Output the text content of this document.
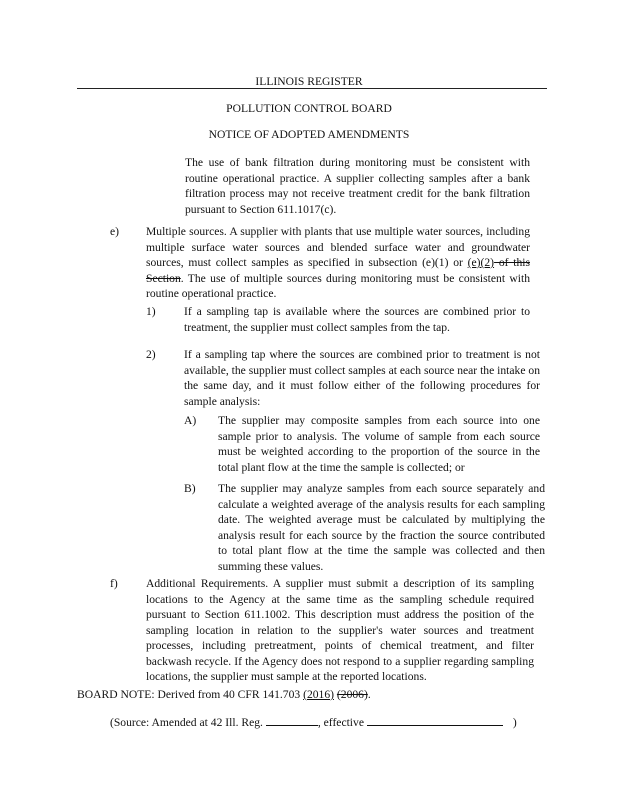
ILLINOIS REGISTER
POLLUTION CONTROL BOARD
NOTICE OF ADOPTED AMENDMENTS
The use of bank filtration during monitoring must be consistent with routine operational practice. A supplier collecting samples after a bank filtration process may not receive treatment credit for the bank filtration pursuant to Section 611.1017(c).
e) Multiple sources. A supplier with plants that use multiple water sources, including multiple surface water sources and blended surface water and groundwater sources, must collect samples as specified in subsection (e)(1) or (e)(2) of this Section. The use of multiple sources during monitoring must be consistent with routine operational practice.
1) If a sampling tap is available where the sources are combined prior to treatment, the supplier must collect samples from the tap.
2) If a sampling tap where the sources are combined prior to treatment is not available, the supplier must collect samples at each source near the intake on the same day, and it must follow either of the following procedures for sample analysis:
A) The supplier may composite samples from each source into one sample prior to analysis. The volume of sample from each source must be weighted according to the proportion of the source in the total plant flow at the time the sample is collected; or
B) The supplier may analyze samples from each source separately and calculate a weighted average of the analysis results for each sampling date. The weighted average must be calculated by multiplying the analysis result for each source by the fraction the source contributed to total plant flow at the time the sample was collected and then summing these values.
f) Additional Requirements. A supplier must submit a description of its sampling locations to the Agency at the same time as the sampling schedule required pursuant to Section 611.1002. This description must address the position of the sampling location in relation to the supplier's water sources and treatment processes, including pretreatment, points of chemical treatment, and filter backwash recycle. If the Agency does not respond to a supplier regarding sampling locations, the supplier must sample at the reported locations.
BOARD NOTE: Derived from 40 CFR 141.703 (2016) (2006).
(Source: Amended at 42 Ill. Reg.	, effective	)
